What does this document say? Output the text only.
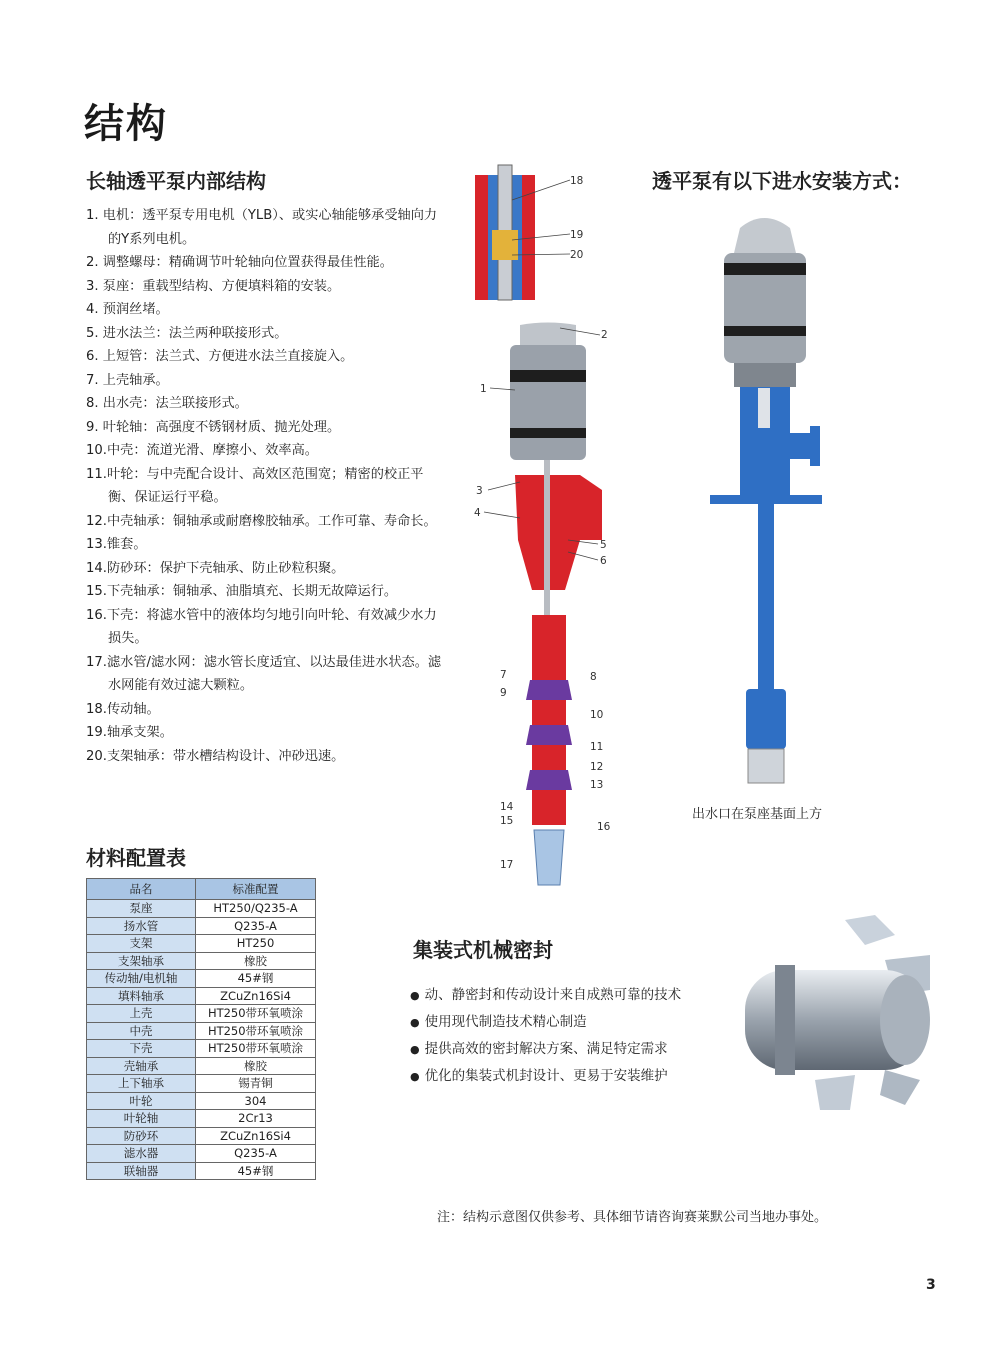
结构
长轴透平泵内部结构	透平泵有以下进水安装方式：
1. 电机：透平泵专用电机（YLB）、或实心轴能够承受轴向力的Y系列电机。
2. 调整螺母：精确调节叶轮轴向位置获得最佳性能。
3. 泵座：重载型结构、方便填料箱的安装。
4. 预润丝堵。
5. 进水法兰：法兰两种联接形式。
6. 上短管：法兰式、方便进水法兰直接旋入。
7. 上壳轴承。
8. 出水壳：法兰联接形式。
9. 叶轮轴：高强度不锈钢材质、抛光处理。
10.中壳：流道光滑、摩擦小、效率高。
11.叶轮：与中壳配合设计、高效区范围宽；精密的校正平衡、保证运行平稳。
12.中壳轴承：铜轴承或耐磨橡胶轴承。工作可靠、寿命长。
13.锥套。
14.防砂环：保护下壳轴承、防止砂粒积聚。
15.下壳轴承：铜轴承、油脂填充、长期无故障运行。
16.下壳：将滤水管中的液体均匀地引向叶轮、有效减少水力损失。
17.滤水管/滤水网：滤水管长度适宜、以达最佳进水状态。滤水网能有效过滤大颗粒。
18.传动轴。
19.轴承支架。
20.支架轴承：带水槽结构设计、冲砂迅速。
18
19
20
2
1
3
4
5
6
7	8
9
10
11
12
13
14
15	16
17
出水口在泵座基面上方
材料配置表
品名	标准配置
泵座	HT250/Q235-A
扬水管	Q235-A
支架	HT250
支架轴承	橡胶
传动轴/电机轴	45#钢
填料轴承	ZCuZn16Si4
上壳	HT250带环氧喷涂
中壳	HT250带环氧喷涂
下壳	HT250带环氧喷涂
壳轴承	橡胶
上下轴承	锡青铜
叶轮	304
叶轮轴	2Cr13
防砂环	ZCuZn16Si4
滤水器	Q235-A
联轴器	45#钢
集装式机械密封
● 动、静密封和传动设计来自成熟可靠的技术
● 使用现代制造技术精心制造
● 提供高效的密封解决方案、满足特定需求
● 优化的集装式机封设计、更易于安装维护
注：结构示意图仅供参考、具体细节请咨询赛莱默公司当地办事处。
3
